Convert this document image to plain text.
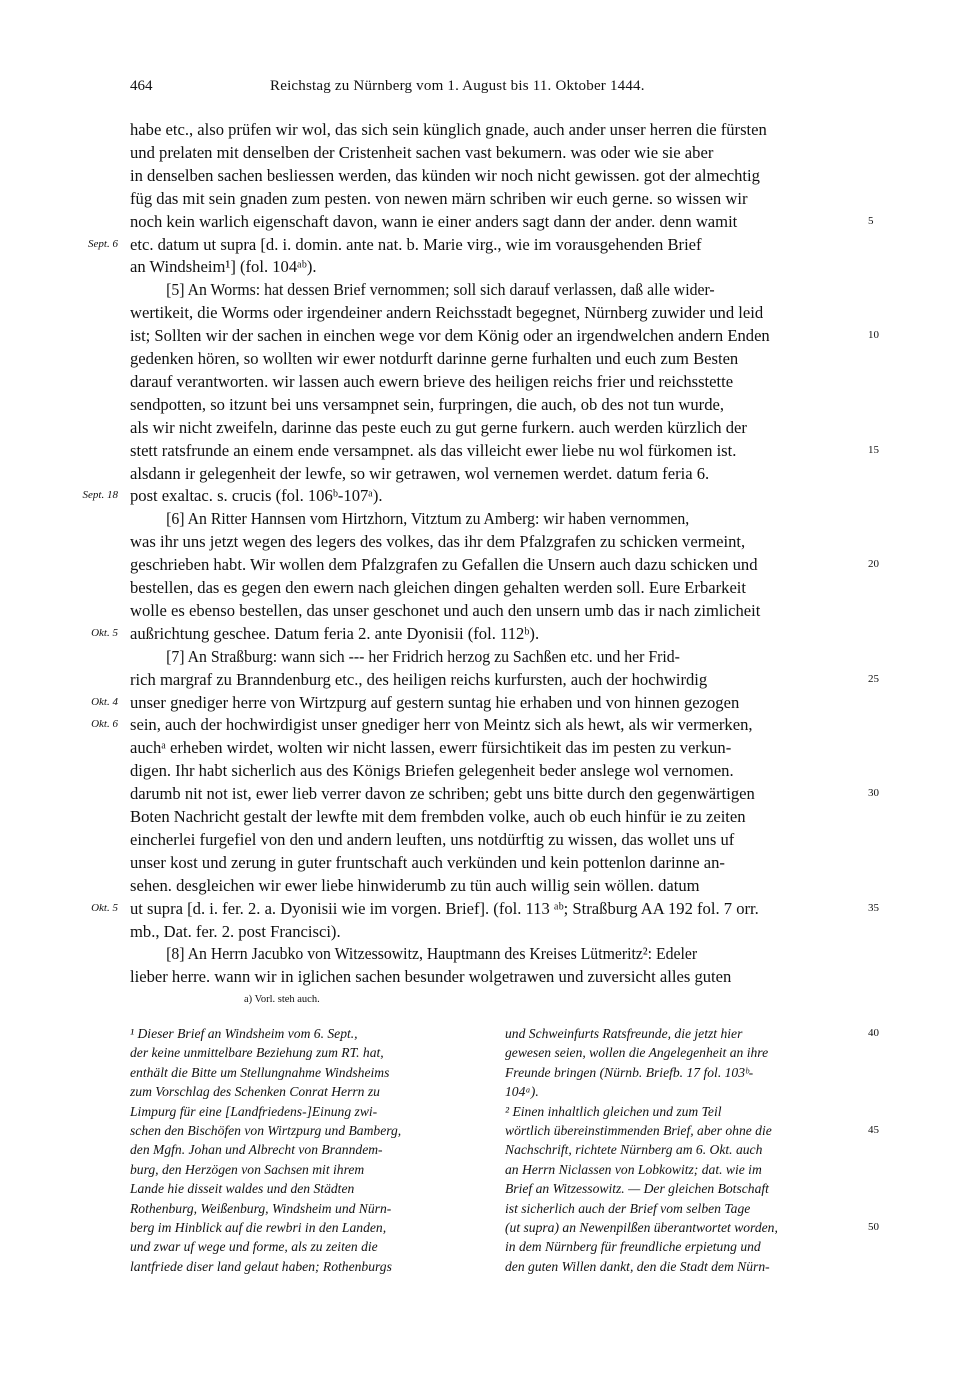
464	Reichstag zu Nürnberg vom 1. August bis 11. Oktober 1444.
habe etc., also prüfen wir wol, das sich sein künglich gnade, auch ander unser herren die fürsten
und prelaten mit denselben der Cristenheit sachen vast bekumern. was oder wie sie aber
in denselben sachen besliessen werden, das künden wir noch nicht gewissen. got der almechtig
füg das mit sein gnaden zum pesten. von newen märn schriben wir euch gerne. so wissen wir
noch kein warlich eigenschaft davon, wann ie einer anders sagt dann der ander. denn wamit
etc. datum ut supra [d. i. domin. ante nat. b. Marie virg., wie im vorausgehenden Brief
an Windsheim¹] (fol. 104ᵃᵇ).
[5] An Worms: hat dessen Brief vernommen; soll sich darauf verlassen, daß alle wider-
wertikeit, die Worms oder irgendeiner andern Reichsstadt begegnet, Nürnberg zuwider und leid
ist; Sollten wir der sachen in einchen wege vor dem König oder an irgendwelchen andern Enden
gedenken hören, so wollten wir ewer notdurft darinne gerne furhalten und euch zum Besten
darauf verantworten. wir lassen auch ewern brieve des heiligen reichs frier und reichsstette
sendpotten, so itzunt bei uns versampnet sein, furpringen, die auch, ob des not tun wurde,
als wir nicht zweifeln, darinne das peste euch zu gut gerne furkern. auch werden kürzlich der
stett ratsfrunde an einem ende versampnet. als das villeicht ewer liebe nu wol fürkomen ist.
alsdann ir gelegenheit der lewfe, so wir getrawen, wol vernemen werdet. datum feria 6.
post exaltac. s. crucis (fol. 106ᵇ-107ᵃ).
[6] An Ritter Hannsen vom Hirtzhorn, Vitztum zu Amberg: wir haben vernommen,
was ihr uns jetzt wegen des legers des volkes, das ihr dem Pfalzgrafen zu schicken vermeint,
geschrieben habt. Wir wollen dem Pfalzgrafen zu Gefallen die Unsern auch dazu schicken und
bestellen, das es gegen den ewern nach gleichen dingen gehalten werden soll. Eure Erbarkeit
wolle es ebenso bestellen, das unser geschonet und auch den unsern umb das ir nach zimlicheit
außrichtung geschee. Datum feria 2. ante Dyonisii (fol. 112ᵇ).
[7] An Straßburg: wann sich --- her Fridrich herzog zu Sachßen etc. und her Frid-
rich margraf zu Branndenburg etc., des heiligen reichs kurfursten, auch der hochwirdig
unser gnediger herre von Wirtzpurg auf gestern suntag hie erhaben und von hinnen gezogen
sein, auch der hochwirdigist unser gnediger herr von Meintz sich als hewt, als wir vermerken,
auchᵃ erheben wirdet, wolten wir nicht lassen, ewerr fürsichtikeit das im pesten zu verkun-
digen. Ihr habt sicherlich aus des Königs Briefen gelegenheit beder anslege wol vernomen.
darumb nit not ist, ewer lieb verrer davon ze schriben; gebt uns bitte durch den gegenwärtigen
Boten Nachricht gestalt der lewfte mit dem frembden volke, auch ob euch hinfür ie zu zeiten
eincherlei furgefiel von den und andern leuften, uns notdürftig zu wissen, das wollet uns uf
unser kost und zerung in guter fruntschaft auch verkünden und kein pottenlon darinne an-
sehen. desgleichen wir ewer liebe hinwiderumb zu tün auch willig sein wöllen. datum
ut supra [d. i. fer. 2. a. Dyonisii wie im vorgen. Brief]. (fol. 113 ᵃᵇ; Straßburg AA 192 fol. 7 orr.
mb., Dat. fer. 2. post Francisci).
[8] An Herrn Jacubko von Witzessowitz, Hauptmann des Kreises Lütmeritz²: Edeler
lieber herre. wann wir in iglichen sachen besunder wolgetrawen und zuversicht alles guten
Sept. 6
Sept. 18
Okt. 5
Okt. 4
Okt. 6
Okt. 5
5
10
15
20
25
30
35
a) Vorl. steh auch.
¹ Dieser Brief an Windsheim vom 6. Sept.,
der keine unmittelbare Beziehung zum RT. hat,
enthält die Bitte um Stellungnahme Windsheims
zum Vorschlag des Schenken Conrat Herrn zu
Limpurg für eine [Landfriedens-]Einung zwi-
schen den Bischöfen von Wirtzpurg und Bamberg,
den Mgfn. Johan und Albrecht von Branndem-
burg, den Herzögen von Sachsen mit ihrem
Lande hie disseit waldes und den Städten
Rothenburg, Weißenburg, Windsheim und Nürn-
berg im Hinblick auf die rewbri in den Landen,
und zwar uf wege und forme, als zu zeiten die
lantfriede diser land gelaut haben; Rothenburgs
und Schweinfurts Ratsfreunde, die jetzt hier
gewesen seien, wollen die Angelegenheit an ihre
Freunde bringen (Nürnb. Briefb. 17 fol. 103ᵇ-
104ᵃ).
² Einen inhaltlich gleichen und zum Teil
wörtlich übereinstimmenden Brief, aber ohne die
Nachschrift, richtete Nürnberg am 6. Okt. auch
an Herrn Niclassen von Lobkowitz; dat. wie im
Brief an Witzessowitz. — Der gleichen Botschaft
ist sicherlich auch der Brief vom selben Tage
(ut supra) an Newenpilßen überantwortet worden,
in dem Nürnberg für freundliche erpietung und
den guten Willen dankt, den die Stadt dem Nürn-
40
45
50
